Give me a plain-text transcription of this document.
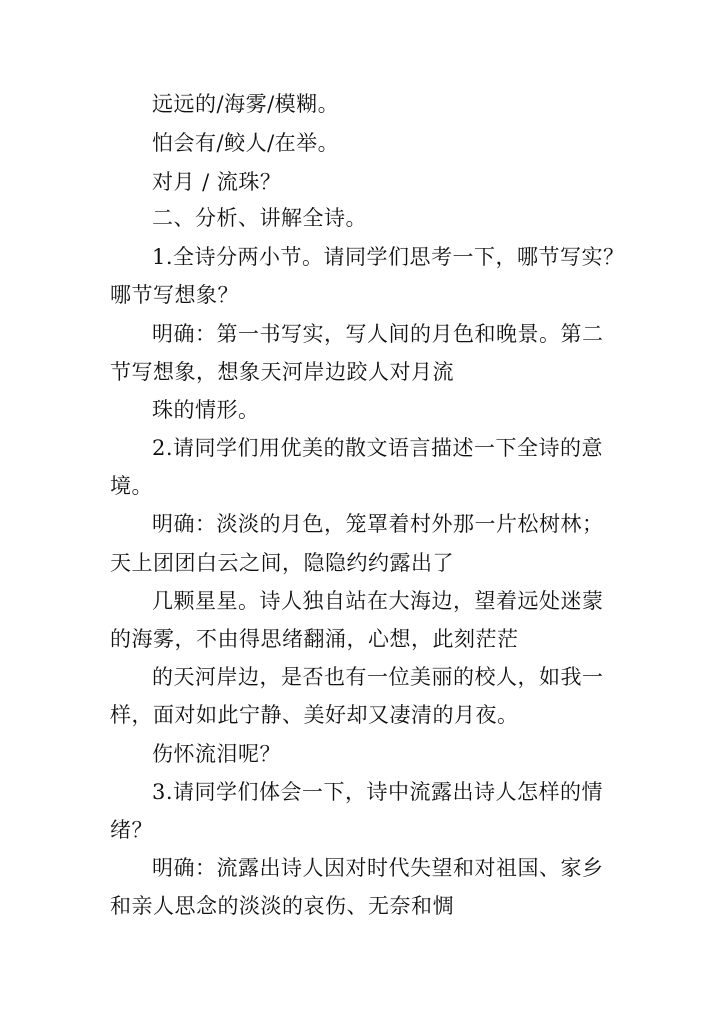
远远的/海雾/模糊。
怕会有/鲛人/在举。
对月 / 流珠？
二、分析、讲解全诗。
1.全诗分两小节。请同学们思考一下，哪节写实？
哪节写想象？
明确：第一书写实，写人间的月色和晚景。第二
节写想象，想象天河岸边跤人对月流
珠的情形。
2.请同学们用优美的散文语言描述一下全诗的意
境。
明确：淡淡的月色，笼罩着村外那一片松树林；
天上团团白云之间，隐隐约约露出了
几颗星星。诗人独自站在大海边，望着远处迷蒙
的海雾，不由得思绪翻涌，心想，此刻茫茫
的天河岸边，是否也有一位美丽的校人，如我一
样，面对如此宁静、美好却又凄清的月夜。
伤怀流泪呢？
3.请同学们体会一下，诗中流露出诗人怎样的情
绪？
明确：流露出诗人因对时代失望和对祖国、家乡
和亲人思念的淡淡的哀伤、无奈和惆
